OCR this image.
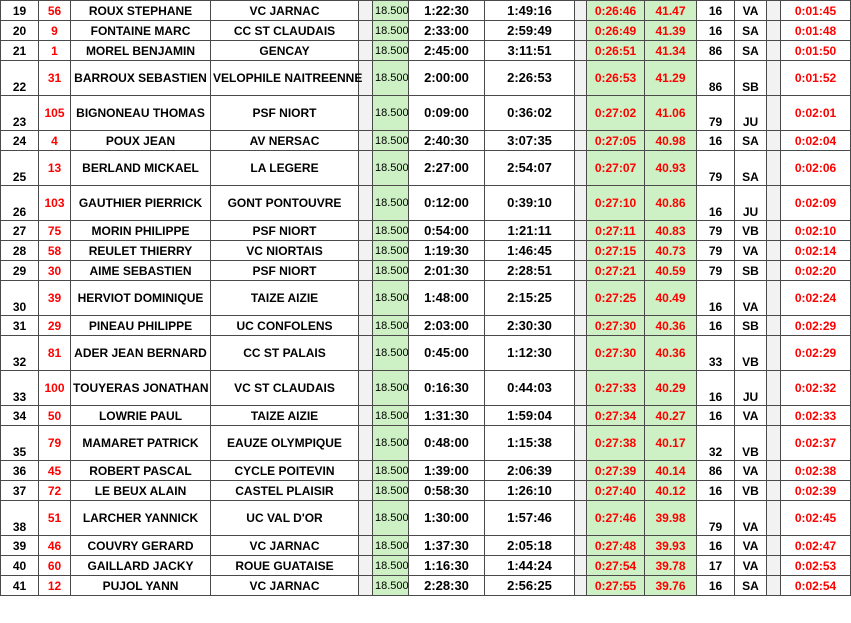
19	56	ROUX STEPHANE	VC JARNAC		18.500	1:22:30	1:49:16		0:26:46	41.47	16	VA		0:01:45
20	9	FONTAINE MARC	CC ST CLAUDAIS		18.500	2:33:00	2:59:49		0:26:49	41.39	16	SA		0:01:48
21	1	MOREL BENJAMIN	GENCAY		18.500	2:45:00	3:11:51		0:26:51	41.34	86	SA		0:01:50
22	31	BARROUX SEBASTIEN	VELOPHILE NAITREENNE		18.500	2:00:00	2:26:53		0:26:53	41.29	86	SB		0:01:52
23	105	BIGNONEAU THOMAS	PSF NIORT		18.500	0:09:00	0:36:02		0:27:02	41.06	79	JU		0:02:01
24	4	POUX JEAN	AV NERSAC		18.500	2:40:30	3:07:35		0:27:05	40.98	16	SA		0:02:04
25	13	BERLAND MICKAEL	LA LEGERE		18.500	2:27:00	2:54:07		0:27:07	40.93	79	SA		0:02:06
26	103	GAUTHIER PIERRICK	GONT PONTOUVRE		18.500	0:12:00	0:39:10		0:27:10	40.86	16	JU		0:02:09
27	75	MORIN PHILIPPE	PSF NIORT		18.500	0:54:00	1:21:11		0:27:11	40.83	79	VB		0:02:10
28	58	REULET THIERRY	VC NIORTAIS		18.500	1:19:30	1:46:45		0:27:15	40.73	79	VA		0:02:14
29	30	AIME SEBASTIEN	PSF NIORT		18.500	2:01:30	2:28:51		0:27:21	40.59	79	SB		0:02:20
30	39	HERVIOT DOMINIQUE	TAIZE AIZIE		18.500	1:48:00	2:15:25		0:27:25	40.49	16	VA		0:02:24
31	29	PINEAU PHILIPPE	UC CONFOLENS		18.500	2:03:00	2:30:30		0:27:30	40.36	16	SB		0:02:29
32	81	ADER JEAN BERNARD	CC ST PALAIS		18.500	0:45:00	1:12:30		0:27:30	40.36	33	VB		0:02:29
33	100	TOUYERAS JONATHAN	VC ST CLAUDAIS		18.500	0:16:30	0:44:03		0:27:33	40.29	16	JU		0:02:32
34	50	LOWRIE PAUL	TAIZE AIZIE		18.500	1:31:30	1:59:04		0:27:34	40.27	16	VA		0:02:33
35	79	MAMARET PATRICK	EAUZE OLYMPIQUE		18.500	0:48:00	1:15:38		0:27:38	40.17	32	VB		0:02:37
36	45	ROBERT PASCAL	CYCLE POITEVIN		18.500	1:39:00	2:06:39		0:27:39	40.14	86	VA		0:02:38
37	72	LE BEUX ALAIN	CASTEL PLAISIR		18.500	0:58:30	1:26:10		0:27:40	40.12	16	VB		0:02:39
38	51	LARCHER YANNICK	UC VAL D'OR		18.500	1:30:00	1:57:46		0:27:46	39.98	79	VA		0:02:45
39	46	COUVRY GERARD	VC JARNAC		18.500	1:37:30	2:05:18		0:27:48	39.93	16	VA		0:02:47
40	60	GAILLARD JACKY	ROUE GUATAISE		18.500	1:16:30	1:44:24		0:27:54	39.78	17	VA		0:02:53
41	12	PUJOL YANN	VC JARNAC		18.500	2:28:30	2:56:25		0:27:55	39.76	16	SA		0:02:54
